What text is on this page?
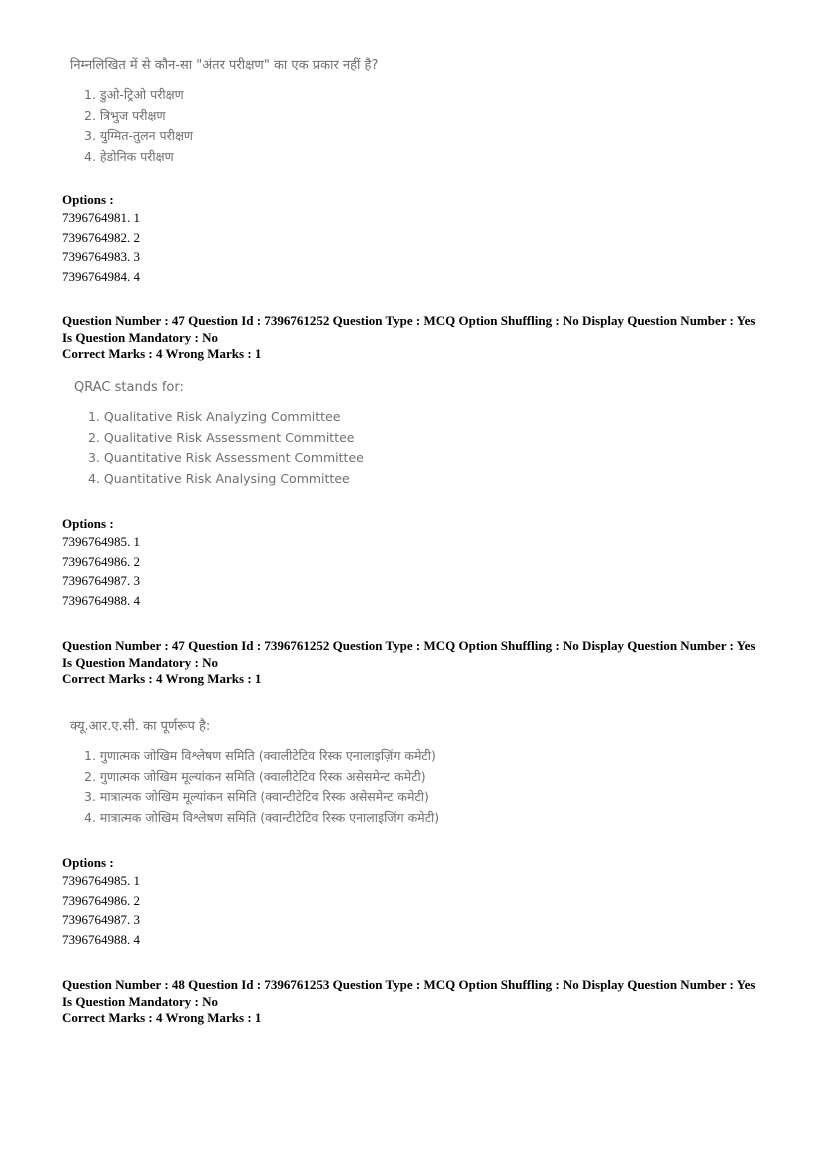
निम्नलिखित में से कौन-सा "अंतर परीक्षण" का एक प्रकार नहीं है?
1. डुओ-ट्रिओ परीक्षण
2. त्रिभुज परीक्षण
3. युग्मित-तुलन परीक्षण
4. हेडोनिक परीक्षण
Options :
7396764981. 1
7396764982. 2
7396764983. 3
7396764984. 4
Question Number : 47 Question Id : 7396761252 Question Type : MCQ Option Shuffling : No Display Question Number : Yes
Is Question Mandatory : No
Correct Marks : 4 Wrong Marks : 1
QRAC stands for:
1. Qualitative Risk Analyzing Committee
2. Qualitative Risk Assessment Committee
3. Quantitative Risk Assessment Committee
4. Quantitative Risk Analysing Committee
Options :
7396764985. 1
7396764986. 2
7396764987. 3
7396764988. 4
Question Number : 47 Question Id : 7396761252 Question Type : MCQ Option Shuffling : No Display Question Number : Yes
Is Question Mandatory : No
Correct Marks : 4 Wrong Marks : 1
क्यू.आर.ए.सी. का पूर्णरूप है:
1. गुणात्मक जोखिम विश्लेषण समिति (क्वालीटेटिव रिस्क एनालाइज़िंग कमेटी)
2. गुणात्मक जोखिम मूल्यांकन समिति (क्वालीटेटिव रिस्क असेसमेन्ट कमेटी)
3. मात्रात्मक जोखिम मूल्यांकन समिति (क्वान्टीटेटिव रिस्क असेसमेन्ट कमेटी)
4. मात्रात्मक जोखिम विश्लेषण समिति (क्वान्टीटेटिव रिस्क एनालाइजिंग कमेटी)
Options :
7396764985. 1
7396764986. 2
7396764987. 3
7396764988. 4
Question Number : 48 Question Id : 7396761253 Question Type : MCQ Option Shuffling : No Display Question Number : Yes
Is Question Mandatory : No
Correct Marks : 4 Wrong Marks : 1
